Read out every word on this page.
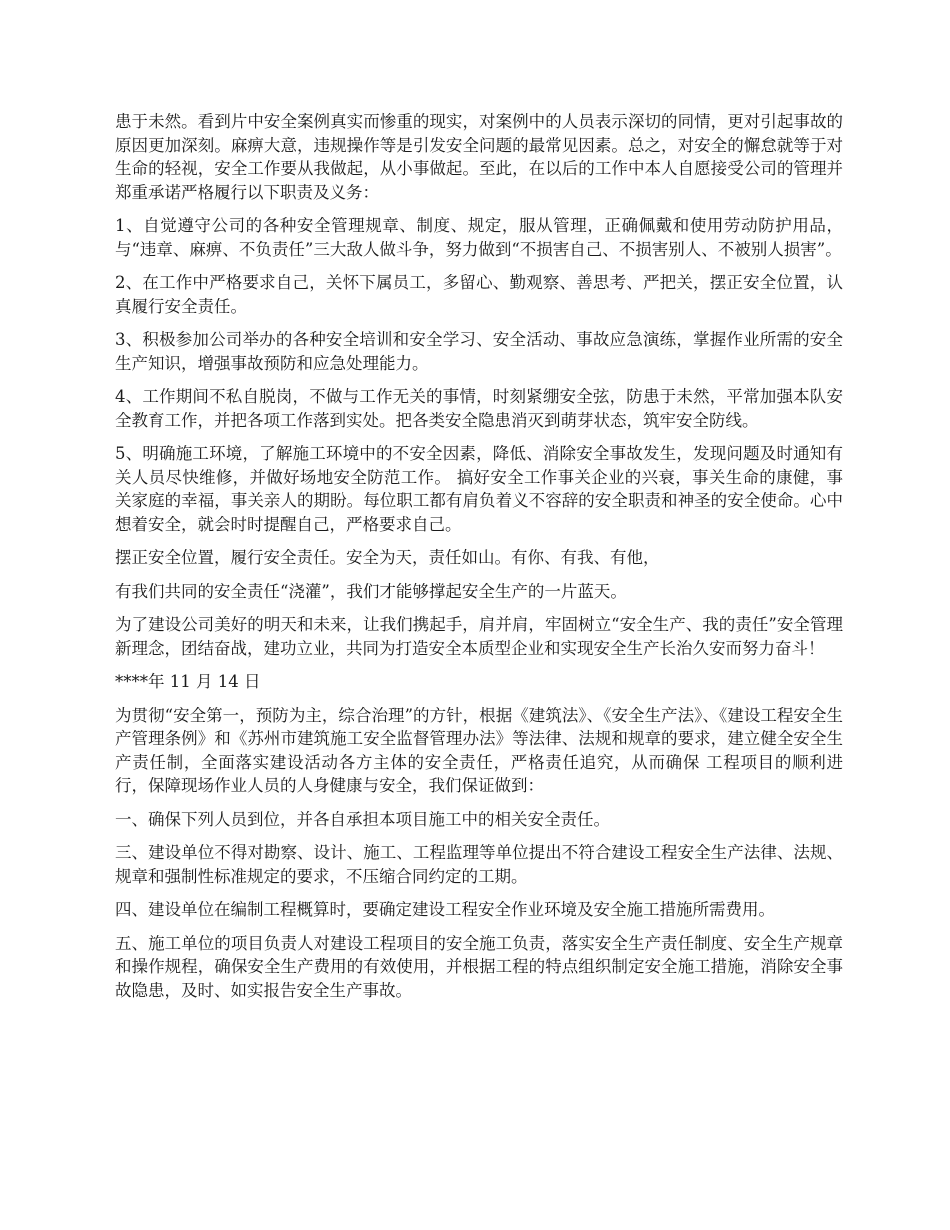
患于未然。看到片中安全案例真实而惨重的现实，对案例中的人员表示深切的同情，更对引起事故的原因更加深刻。麻痹大意，违规操作等是引发安全问题的最常见因素。总之，对安全的懈怠就等于对生命的轻视，安全工作要从我做起，从小事做起。至此，在以后的工作中本人自愿接受公司的管理并郑重承诺严格履行以下职责及义务：

1、自觉遵守公司的各种安全管理规章、制度、规定，服从管理，正确佩戴和使用劳动防护用品，与“违章、麻痹、不负责任”三大敌人做斗争，努力做到“不损害自己、不损害别人、不被别人损害”。

2、在工作中严格要求自己，关怀下属员工，多留心、勤观察、善思考、严把关，摆正安全位置，认真履行安全责任。

3、积极参加公司举办的各种安全培训和安全学习、安全活动、事故应急演练，掌握作业所需的安全生产知识，增强事故预防和应急处理能力。

4、工作期间不私自脱岗，不做与工作无关的事情，时刻紧绷安全弦，防患于未然，平常加强本队安全教育工作，并把各项工作落到实处。把各类安全隐患消灭到萌芽状态，筑牢安全防线。

5、明确施工环境，了解施工环境中的不安全因素，降低、消除安全事故发生，发现问题及时通知有关人员尽快维修，并做好场地安全防范工作。 搞好安全工作事关企业的兴衰，事关生命的康健，事关家庭的幸福，事关亲人的期盼。每位职工都有肩负着义不容辞的安全职责和神圣的安全使命。心中想着安全，就会时时提醒自己，严格要求自己。

摆正安全位置，履行安全责任。安全为天，责任如山。有你、有我、有他，

有我们共同的安全责任“浇灌”，我们才能够撑起安全生产的一片蓝天。

为了建设公司美好的明天和未来，让我们携起手，肩并肩，牢固树立“安全生产、我的责任”安全管理新理念，团结奋战，建功立业，共同为打造安全本质型企业和实现安全生产长治久安而努力奋斗！

****年 11 月 14 日

为贯彻“安全第一，预防为主，综合治理”的方针，根据《建筑法》、《安全生产法》、《建设工程安全生产管理条例》和《苏州市建筑施工安全监督管理办法》等法律、法规和规章的要求，建立健全安全生产责任制，全面落实建设活动各方主体的安全责任，严格责任追究，从而确保 工程项目的顺利进行，保障现场作业人员的人身健康与安全，我们保证做到：

一、确保下列人员到位，并各自承担本项目施工中的相关安全责任。

三、建设单位不得对勘察、设计、施工、工程监理等单位提出不符合建设工程安全生产法律、法规、规章和强制性标准规定的要求，不压缩合同约定的工期。

四、建设单位在编制工程概算时，要确定建设工程安全作业环境及安全施工措施所需费用。

五、施工单位的项目负责人对建设工程项目的安全施工负责，落实安全生产责任制度、安全生产规章和操作规程，确保安全生产费用的有效使用，并根据工程的特点组织制定安全施工措施，消除安全事故隐患，及时、如实报告安全生产事故。
